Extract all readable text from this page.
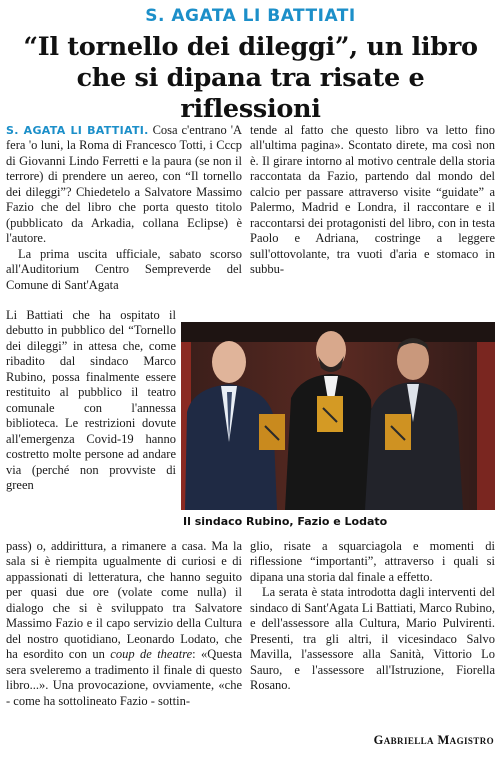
S. AGATA LI BATTIATI
“Il tornello dei dileggi”, un libro che si dipana tra risate e riflessioni

S. AGATA LI BATTIATI. Cosa c'entrano 'A fera 'o luni, la Roma di Francesco Totti, i Cccp di Giovanni Lindo Ferretti e la paura (se non il terrore) di prendere un aereo, con “Il tornello dei dileggi”? Chiedetelo a Salvatore Massimo Fazio che del libro che porta questo titolo (pubblicato da Arkadia, collana Eclipse) è l'autore.

La prima uscita ufficiale, sabato scorso all'Auditorium Centro Sempreverde del Comune di Sant'Agata

Li Battiati che ha ospitato il debutto in pubblico del “Tornello dei dileggi” in attesa che, come ribadito dal sindaco Marco Rubino, possa finalmente essere restituito al pubblico il teatro comunale con l'annessa biblioteca. Le restrizioni dovute all'emergenza Covid-19 hanno costretto molte persone ad andare via (perché non provviste di green

pass) o, addirittura, a rimanere a casa. Ma la sala si è riempita ugualmente di curiosi e di appassionati di letteratura, che hanno seguito per quasi due ore (volate come nulla) il dialogo che si è sviluppato tra Salvatore Massimo Fazio e il capo servizio della Cultura del nostro quotidiano, Leonardo Lodato, che ha esordito con un coup de theatre: «Questa sera sveleremo a tradimento il finale di questo libro...». Una provocazione, ovviamente, «che - come ha sottolineato Fazio - sottin-

tende al fatto che questo libro va letto fino all'ultima pagina». Scontato direte, ma così non è. Il girare intorno al motivo centrale della storia raccontata da Fazio, partendo dal mondo del calcio per passare attraverso visite “guidate” a Palermo, Madrid e Londra, il raccontare e il raccontarsi dei protagonisti del libro, con in testa Paolo e Adriana, costringe a leggere sull'ottovolante, tra vuoti d'aria e stomaco in subbu-

Il sindaco Rubino, Fazio e Lodato

glio, risate a squarciagola e momenti di riflessione “importanti”, attraverso i quali si dipana una storia dal finale a effetto.

La serata è stata introdotta dagli interventi del sindaco di Sant'Agata Li Battiati, Marco Rubino, e dell'assessore alla Cultura, Mario Pulvirenti. Presenti, tra gli altri, il vicesindaco Salvo Mavilla, l'assessore alla Sanità, Vittorio Lo Sauro, e l'assessore all'Istruzione, Fiorella Rosano.

Gabriella Magistro
